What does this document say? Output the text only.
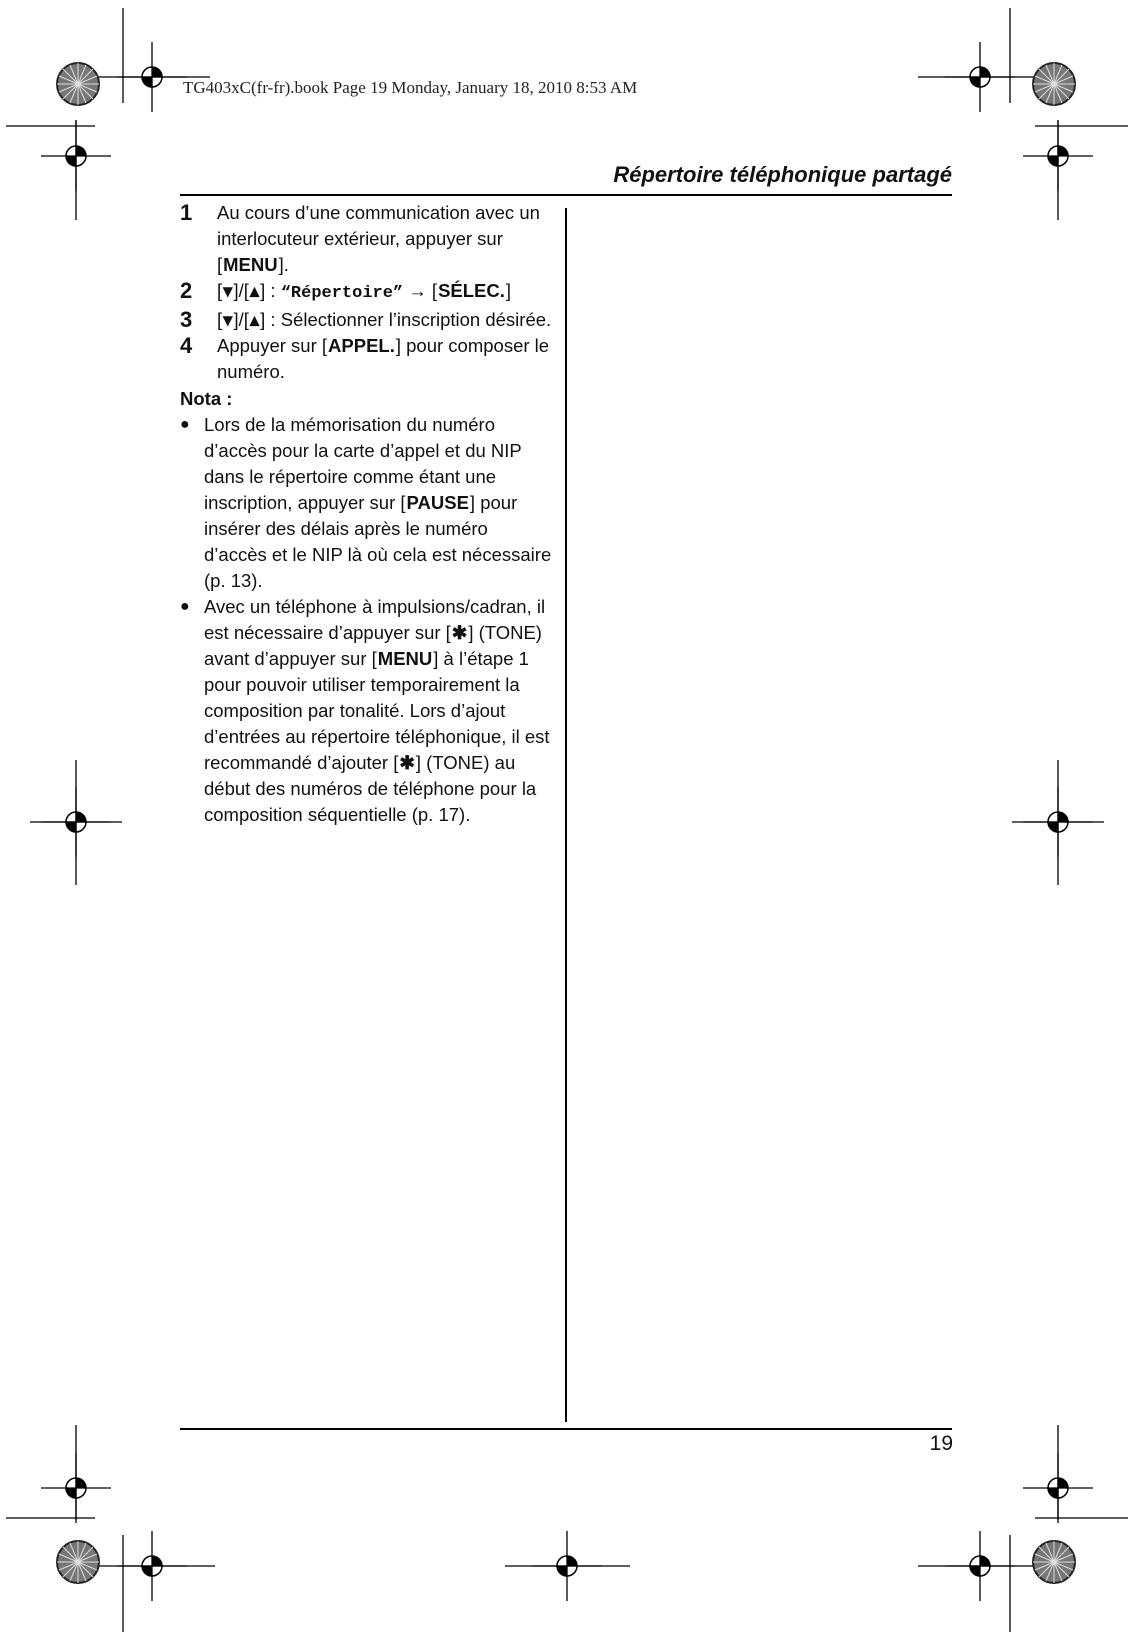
TG403xC(fr-fr).book Page 19 Monday, January 18, 2010 8:53 AM
Répertoire téléphonique partagé
1	Au cours d’une communication avec un interlocuteur extérieur, appuyer sur [ MENU ] .
2	[ ▾ ] / [ ▴ ] : “Répertoire” → [ SÉLEC. ]
3	[ ▾ ] / [ ▴ ] : Sélectionner l’inscription désirée.
4	Appuyer sur [ APPEL. ] pour composer le numéro.
Nota :
● Lors de la mémorisation du numéro d’accès pour la carte d’appel et du NIP dans le répertoire comme étant une inscription, appuyer sur [ PAUSE ] pour insérer des délais après le numéro d’accès et le NIP là où cela est nécessaire (p. 13).
● Avec un téléphone à impulsions/cadran, il est nécessaire d’appuyer sur [ ✱ ] (TONE) avant d’appuyer sur [ MENU ] à l’étape 1 pour pouvoir utiliser temporairement la composition par tonalité. Lors d’ajout d’entrées au répertoire téléphonique, il est recommandé d’ajouter [ ✱ ] (TONE) au début des numéros de téléphone pour la composition séquentielle (p. 17).
19
